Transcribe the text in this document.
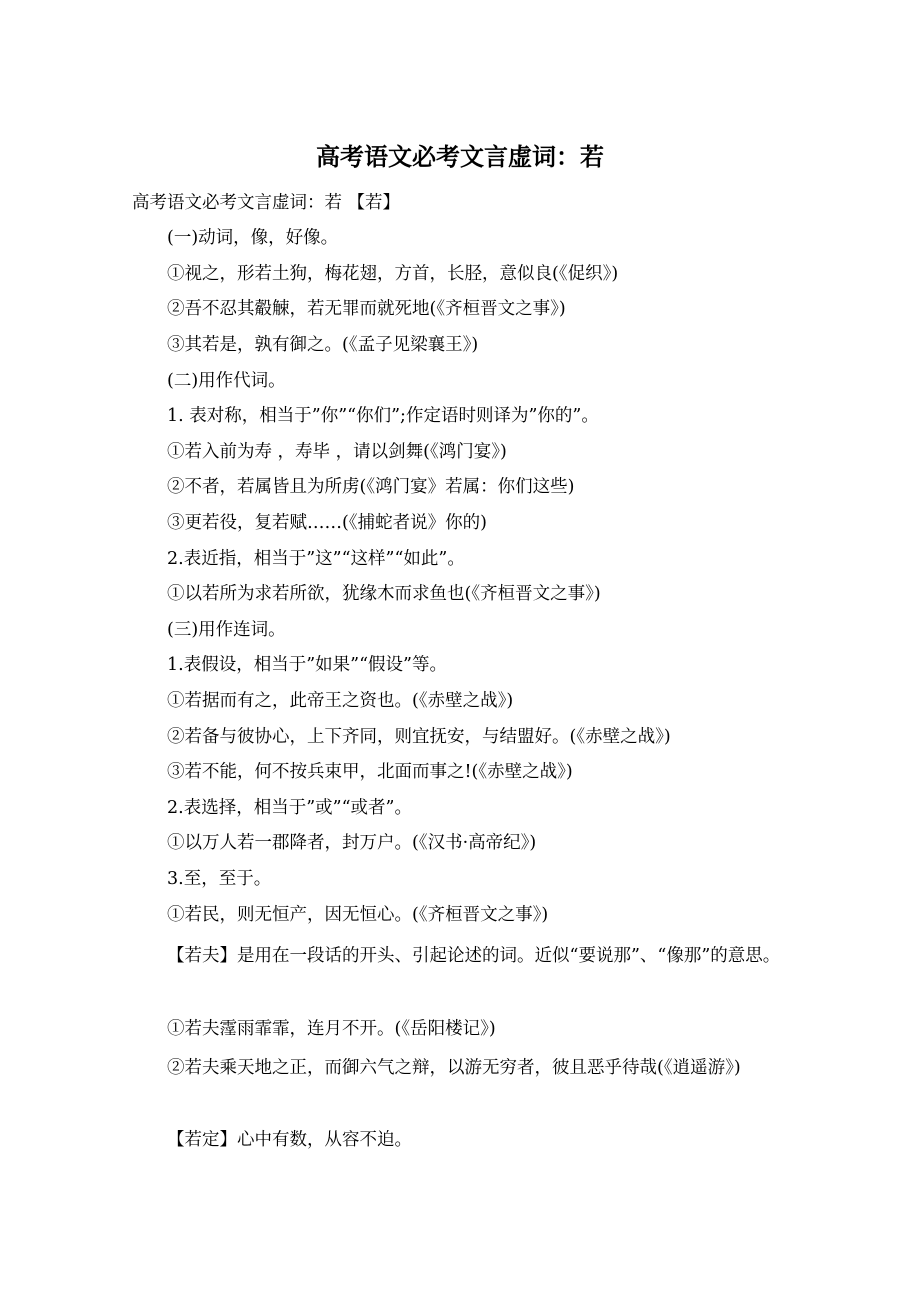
高考语文必考文言虚词：若
高考语文必考文言虚词：若 【若】
(一)动词，像，好像。
①视之，形若土狗，梅花翅，方首，长胫，意似良(《促织》)
②吾不忍其觳觫，若无罪而就死地(《齐桓晋文之事》)
③其若是，孰有御之。(《孟子见梁襄王》)
(二)用作代词。
1. 表对称，相当于”你”“你们”;作定语时则译为”你的”。
①若入前为寿 ，寿毕 ，请以剑舞(《鸿门宴》)
②不者，若属皆且为所虏(《鸿门宴》若属：你们这些)
③更若役，复若赋……(《捕蛇者说》你的)
2.表近指，相当于”这”“这样”“如此”。
①以若所为求若所欲，犹缘木而求鱼也(《齐桓晋文之事》)
(三)用作连词。
1.表假设，相当于”如果”“假设”等。
①若据而有之，此帝王之资也。(《赤壁之战》)
②若备与彼协心，上下齐同，则宜抚安，与结盟好。(《赤壁之战》)
③若不能，何不按兵束甲，北面而事之!(《赤壁之战》)
2.表选择，相当于”或”“或者”。
①以万人若一郡降者，封万户。(《汉书·高帝纪》)
3.至，至于。
①若民，则无恒产，因无恒心。(《齐桓晋文之事》)
【若夫】是用在一段话的开头、引起论述的词。近似“要说那”、“像那”的意思。
①若夫霪雨霏霏，连月不开。(《岳阳楼记》)
②若夫乘天地之正，而御六气之辩，以游无穷者，彼且恶乎待哉(《逍遥游》)
【若定】心中有数，从容不迫。
